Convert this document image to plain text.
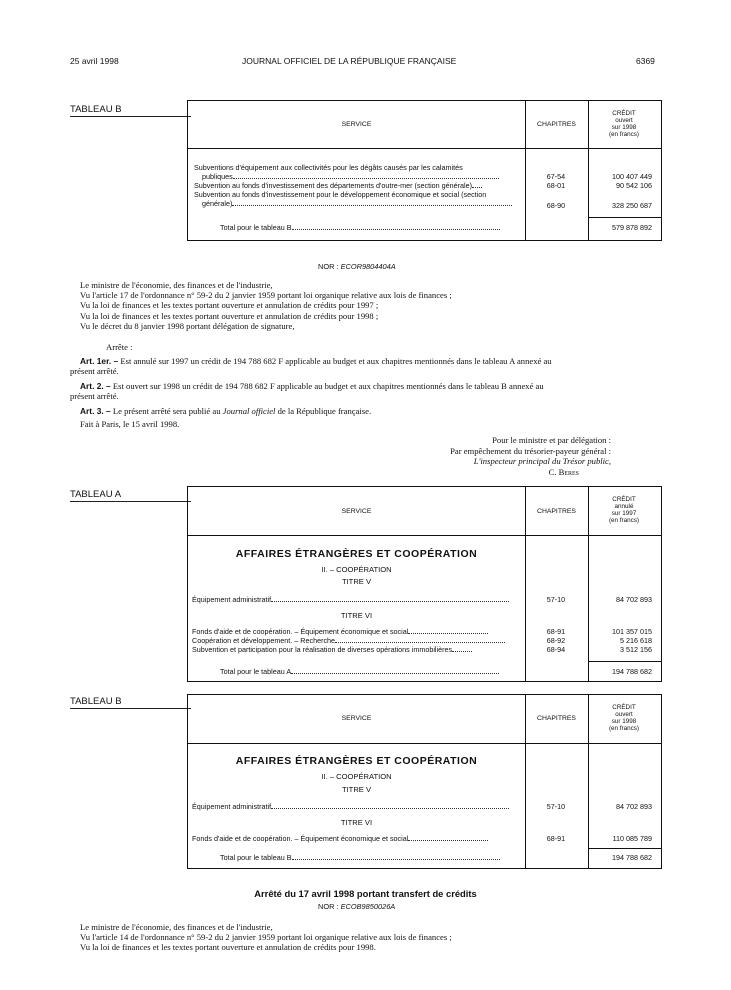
25 avril 1998	JOURNAL OFFICIEL DE LA RÉPUBLIQUE FRANÇAISE	6369
TABLEAU B
SERVICE	CHAPITRES
CRÉDIT
ouvert
sur 1998
(en francs)
Subventions d'équipement aux collectivités pour les dégâts causés par les calamités
publiques	67-54	100 407 449
Subvention au fonds d'investissement des départements d'outre-mer (section générale)	68-01	90 542 106
Subvention au fonds d'investissement pour le développement économique et social (section
générale)	68-90	328 250 687
Total pour le tableau B	579 878 892
NOR : ECOR9804404A
Le ministre de l'économie, des finances et de l'industrie,
Vu l'article 17 de l'ordonnance n° 59-2 du 2 janvier 1959 portant loi organique relative aux lois de finances ;
Vu la loi de finances et les textes portant ouverture et annulation de crédits pour 1997 ;
Vu la loi de finances et les textes portant ouverture et annulation de crédits pour 1998 ;
Vu le décret du 8 janvier 1998 portant délégation de signature,
Arrête :
Art. 1er. – Est annulé sur 1997 un crédit de 194 788 682 F applicable au budget et aux chapitres mentionnés dans le tableau A annexé au
présent arrêté.
Art. 2. – Est ouvert sur 1998 un crédit de 194 788 682 F applicable au budget et aux chapitres mentionnés dans le tableau B annexé au
présent arrêté.
Art. 3. – Le présent arrêté sera publié au Journal officiel de la République française.
Fait à Paris, le 15 avril 1998.
Pour le ministre et par délégation :
Par empêchement du trésorier-payeur général :
L'inspecteur principal du Trésor public,
C. Beres
TABLEAU A
SERVICE	CHAPITRES
CRÉDIT
annulé
sur 1997
(en francs)
AFFAIRES ÉTRANGÈRES ET COOPÉRATION
II. – COOPÉRATION
TITRE V
Équipement administratif	57-10	84 702 893
TITRE VI
Fonds d'aide et de coopération. – Équipement économique et social	68-91	101 357 015
Coopération et développement. – Recherche	68-92	5 216 618
Subvention et participation pour la réalisation de diverses opérations immobilières	68-94	3 512 156
Total pour le tableau A	194 788 682
TABLEAU B
SERVICE	CHAPITRES
CRÉDIT
ouvert
sur 1998
(en francs)
AFFAIRES ÉTRANGÈRES ET COOPÉRATION
II. – COOPÉRATION
TITRE V
Équipement administratif	57-10	84 702 893
TITRE VI
Fonds d'aide et de coopération. – Équipement économique et social	68-91	110 085 789
Total pour le tableau B	194 788 682
Arrêté du 17 avril 1998 portant transfert de crédits
NOR : ECOB9850026A
Le ministre de l'économie, des finances et de l'industrie,
Vu l'article 14 de l'ordonnance n° 59-2 du 2 janvier 1959 portant loi organique relative aux lois de finances ;
Vu la loi de finances et les textes portant ouverture et annulation de crédits pour 1998.
